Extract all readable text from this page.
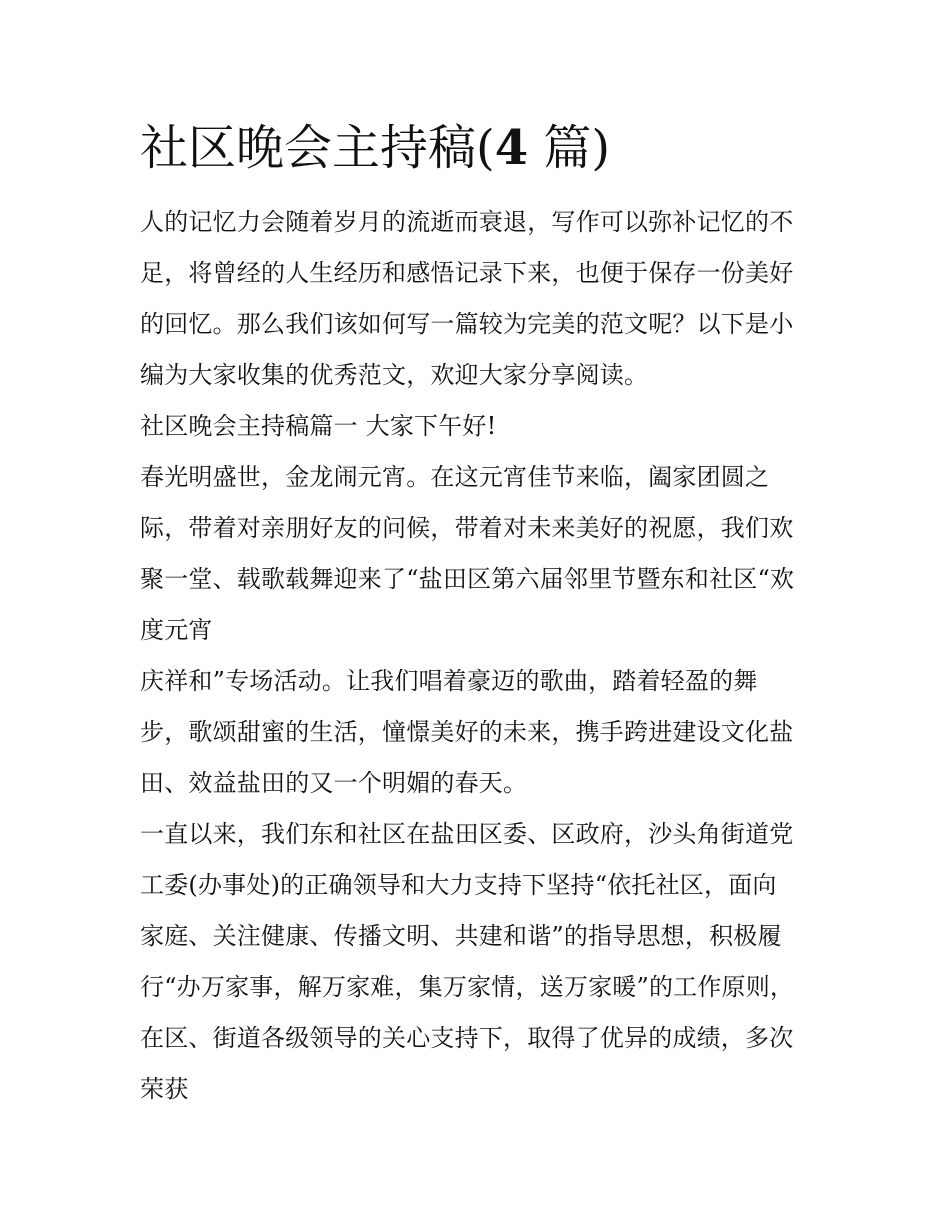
社区晚会主持稿(4 篇)
人的记忆力会随着岁月的流逝而衰退，写作可以弥补记忆的不
足，将曾经的人生经历和感悟记录下来，也便于保存一份美好
的回忆。那么我们该如何写一篇较为完美的范文呢？以下是小
编为大家收集的优秀范文，欢迎大家分享阅读。
社区晚会主持稿篇一 大家下午好!
春光明盛世，金龙闹元宵。在这元宵佳节来临，阖家团圆之
际，带着对亲朋好友的问候，带着对未来美好的祝愿，我们欢
聚一堂、载歌载舞迎来了“盐田区第六届邻里节暨东和社区“欢
度元宵
庆祥和”专场活动。让我们唱着豪迈的歌曲，踏着轻盈的舞
步，歌颂甜蜜的生活，憧憬美好的未来，携手跨进建设文化盐
田、效益盐田的又一个明媚的春天。
一直以来，我们东和社区在盐田区委、区政府，沙头角街道党
工委(办事处)的正确领导和大力支持下坚持“依托社区，面向
家庭、关注健康、传播文明、共建和谐”的指导思想，积极履
行“办万家事，解万家难，集万家情，送万家暖”的工作原则，
在区、街道各级领导的关心支持下，取得了优异的成绩，多次
荣获
